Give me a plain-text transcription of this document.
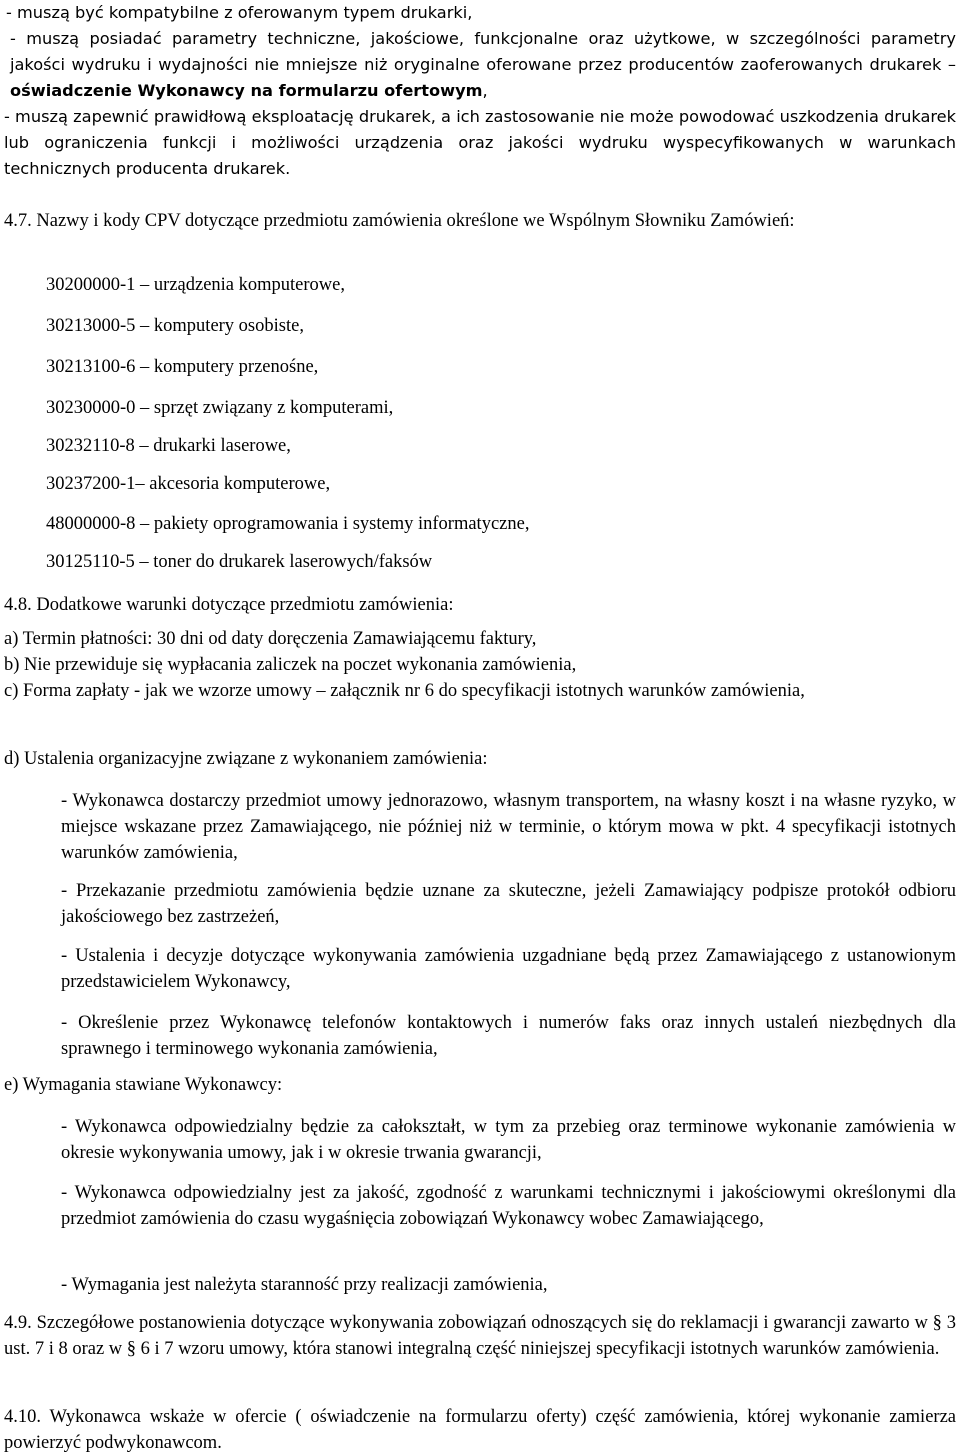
- muszą być kompatybilne z oferowanym typem drukarki,

- muszą posiadać parametry techniczne, jakościowe, funkcjonalne oraz użytkowe, w szczególności parametry jakości wydruku i wydajności nie mniejsze niż oryginalne oferowane przez producentów zaoferowanych drukarek – oświadczenie Wykonawcy na formularzu ofertowym,

- muszą zapewnić prawidłową eksploatację drukarek, a ich zastosowanie nie może powodować uszkodzenia drukarek lub ograniczenia funkcji i możliwości urządzenia oraz jakości wydruku wyspecyfikowanych w warunkach technicznych producenta drukarek.

4.7. Nazwy i kody CPV dotyczące przedmiotu zamówienia określone we Wspólnym Słowniku Zamówień:

30200000-1 – urządzenia komputerowe,
30213000-5 – komputery osobiste,
30213100-6 – komputery przenośne,
30230000-0 – sprzęt związany z komputerami,
30232110-8 – drukarki laserowe,
30237200-1– akcesoria komputerowe,
48000000-8 – pakiety oprogramowania i systemy informatyczne,
30125110-5 – toner do drukarek laserowych/faksów

4.8. Dodatkowe warunki dotyczące przedmiotu zamówienia:

a) Termin płatności: 30 dni od daty doręczenia Zamawiającemu faktury,

b) Nie przewiduje się wypłacania zaliczek na poczet wykonania zamówienia,

c) Forma zapłaty - jak we wzorze umowy – załącznik nr 6 do specyfikacji istotnych warunków zamówienia,

d) Ustalenia organizacyjne związane z wykonaniem zamówienia:

- Wykonawca dostarczy przedmiot umowy jednorazowo, własnym transportem, na własny koszt i na własne ryzyko, w miejsce wskazane przez Zamawiającego, nie później niż w terminie, o którym mowa w pkt. 4 specyfikacji istotnych warunków zamówienia,

- Przekazanie przedmiotu zamówienia będzie uznane za skuteczne, jeżeli Zamawiający podpisze protokół odbioru jakościowego bez zastrzeżeń,

- Ustalenia i decyzje dotyczące wykonywania zamówienia uzgadniane będą przez Zamawiającego z ustanowionym przedstawicielem Wykonawcy,

- Określenie przez Wykonawcę telefonów kontaktowych i numerów faks oraz innych ustaleń niezbędnych dla sprawnego i terminowego wykonania zamówienia,

e) Wymagania stawiane Wykonawcy:

- Wykonawca odpowiedzialny będzie za całokształt, w tym za przebieg oraz terminowe wykonanie zamówienia w okresie wykonywania umowy, jak i w okresie trwania gwarancji,

- Wykonawca odpowiedzialny jest za jakość, zgodność z warunkami technicznymi i jakościowymi określonymi dla przedmiot zamówienia do czasu wygaśnięcia zobowiązań Wykonawcy wobec Zamawiającego,

- Wymagania jest należyta staranność przy realizacji zamówienia,

4.9. Szczegółowe postanowienia dotyczące wykonywania zobowiązań odnoszących się do reklamacji i gwarancji zawarto w § 3 ust. 7 i 8 oraz w § 6 i 7 wzoru umowy, która stanowi integralną część niniejszej specyfikacji istotnych warunków zamówienia.

4.10. Wykonawca wskaże w ofercie ( oświadczenie na formularzu oferty) część zamówienia, której wykonanie zamierza powierzyć podwykonawcom.
